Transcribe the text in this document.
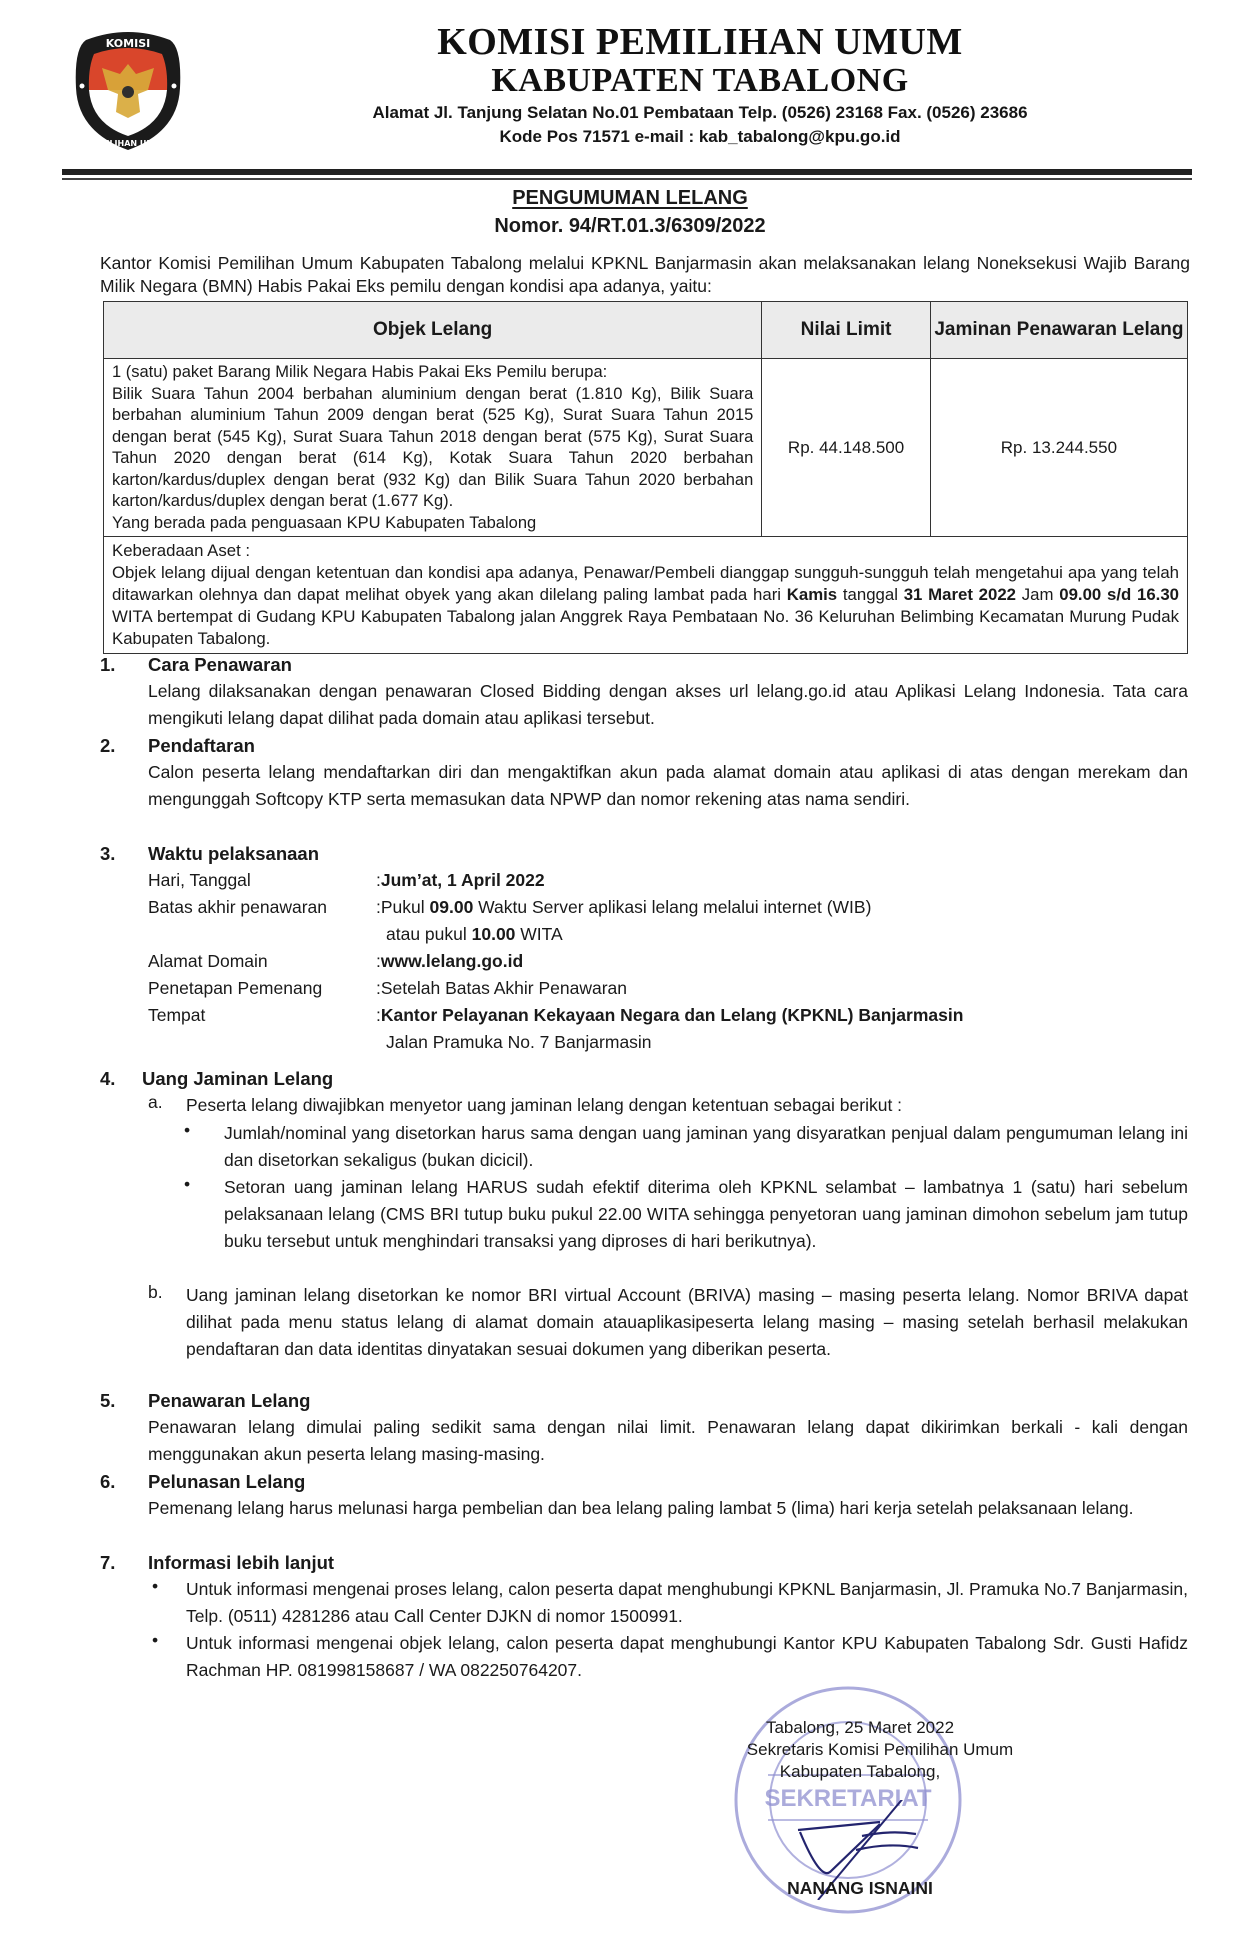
KOMISI
PEMILIHAN UMUM
KOMISI PEMILIHAN UMUM
KABUPATEN TABALONG
Alamat Jl. Tanjung Selatan No.01 Pembataan Telp. (0526) 23168 Fax. (0526) 23686
Kode Pos 71571 e-mail : kab_tabalong@kpu.go.id
PENGUMUMAN LELANG
Nomor. 94/RT.01.3/6309/2022
Kantor Komisi Pemilihan Umum Kabupaten Tabalong melalui KPKNL Banjarmasin akan melaksanakan lelang Noneksekusi Wajib Barang Milik Negara (BMN) Habis Pakai Eks pemilu dengan kondisi apa adanya, yaitu:
Objek Lelang	Nilai Limit	Jaminan Penawaran Lelang

1 (satu) paket Barang Milik Negara Habis Pakai Eks Pemilu berupa:
Bilik Suara Tahun 2004 berbahan aluminium dengan berat (1.810 Kg), Bilik Suara berbahan aluminium Tahun 2009 dengan berat (525 Kg), Surat Suara Tahun 2015 dengan berat (545 Kg), Surat Suara Tahun 2018 dengan berat (575 Kg), Surat Suara Tahun 2020 dengan berat (614 Kg), Kotak Suara Tahun 2020 berbahan karton/kardus/duplex dengan berat (932 Kg) dan Bilik Suara Tahun 2020 berbahan karton/kardus/duplex dengan berat (1.677 Kg).
Yang berada pada penguasaan KPU Kabupaten Tabalong	Rp. 44.148.500	Rp. 13.244.550

Keberadaan Aset :
Objek lelang dijual dengan ketentuan dan kondisi apa adanya, Penawar/Pembeli dianggap sungguh-sungguh telah mengetahui apa yang telah ditawarkan olehnya dan dapat melihat obyek yang akan dilelang paling lambat pada hari Kamis tanggal 31 Maret 2022 Jam 09.00 s/d 16.30 WITA bertempat di Gudang KPU Kabupaten Tabalong jalan Anggrek Raya Pembataan No. 36 Keluruhan Belimbing Kecamatan Murung Pudak Kabupaten Tabalong.		
1. Cara Penawaran
Lelang dilaksanakan dengan penawaran Closed Bidding dengan akses url lelang.go.id atau Aplikasi Lelang Indonesia. Tata cara mengikuti lelang dapat dilihat pada domain atau aplikasi tersebut.
2. Pendaftaran
Calon peserta lelang mendaftarkan diri dan mengaktifkan akun pada alamat domain atau aplikasi di atas dengan merekam dan mengunggah Softcopy KTP serta memasukan data NPWP dan nomor rekening atas nama sendiri.
3. Waktu pelaksanaan
Hari, Tanggal	: Jum’at, 1 April 2022
Batas akhir penawaran	: Pukul 09.00 Waktu Server aplikasi lelang melalui internet (WIB)
atau pukul 10.00 WITA
Alamat Domain	: www.lelang.go.id
Penetapan Pemenang	: Setelah Batas Akhir Penawaran
Tempat	: Kantor Pelayanan Kekayaan Negara dan Lelang (KPKNL) Banjarmasin
Jalan Pramuka No. 7 Banjarmasin
4. Uang Jaminan Lelang
a. Peserta lelang diwajibkan menyetor uang jaminan lelang dengan ketentuan sebagai berikut :
• Jumlah/nominal yang disetorkan harus sama dengan uang jaminan yang disyaratkan penjual dalam pengumuman lelang ini dan disetorkan sekaligus (bukan dicicil).
• Setoran uang jaminan lelang HARUS sudah efektif diterima oleh KPKNL selambat – lambatnya 1 (satu) hari sebelum pelaksanaan lelang (CMS BRI tutup buku pukul 22.00 WITA sehingga penyetoran uang jaminan dimohon sebelum jam tutup buku tersebut untuk menghindari transaksi yang diproses di hari berikutnya).
b. Uang jaminan lelang disetorkan ke nomor BRI virtual Account (BRIVA) masing – masing peserta lelang. Nomor BRIVA dapat dilihat pada menu status lelang di alamat domain atauaplikasipeserta lelang masing – masing setelah berhasil melakukan pendaftaran dan data identitas dinyatakan sesuai dokumen yang diberikan peserta.
5. Penawaran Lelang
Penawaran lelang dimulai paling sedikit sama dengan nilai limit. Penawaran lelang dapat dikirimkan berkali - kali dengan menggunakan akun peserta lelang masing-masing.
6. Pelunasan Lelang
Pemenang lelang harus melunasi harga pembelian dan bea lelang paling lambat 5 (lima) hari kerja setelah pelaksanaan lelang.
7. Informasi lebih lanjut
• Untuk informasi mengenai proses lelang, calon peserta dapat menghubungi KPKNL Banjarmasin, Jl. Pramuka No.7 Banjarmasin, Telp. (0511) 4281286 atau Call Center DJKN di nomor 1500991.
• Untuk informasi mengenai objek lelang, calon peserta dapat menghubungi Kantor KPU Kabupaten Tabalong Sdr. Gusti Hafidz Rachman HP. 081998158687 / WA 082250764207.
SEKRETARIAT
Tabalong, 25 Maret 2022
Sekretaris Komisi Pemilihan Umum
Kabupaten Tabalong,
NANANG ISNAINI
